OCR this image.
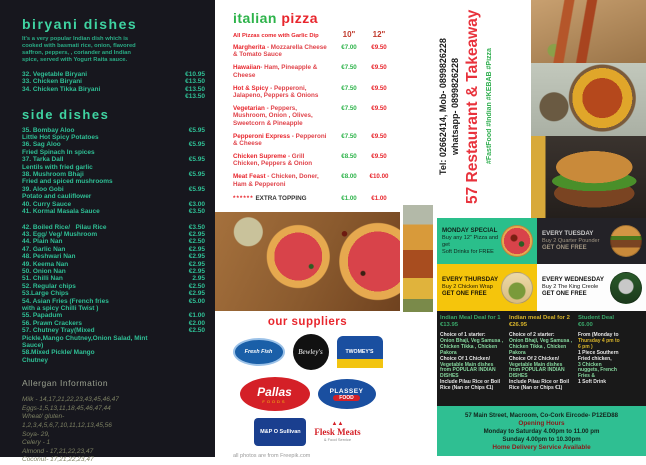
biryani dishes
It's a very popular Indian dish which is cooked with basmati rice, onion, flavored saffron, peppers, , coriander and Indian spice, served with Yogurt Raita sauce.
32. Vegetable Biryani	€10.95
33. Chicken Biryani	€13.50
34. Chicken Tikka Biryani	€13.50
€13.50
side dishes
35. Bombay Aloo	€5.95
Little Hot Spicy Potatoes
36. Sag Aloo	€5.95
Fried Spinach In spices
37. Tarka Dall	€5.95
Lentils with fried garlic
38. Mushroom Bhaji	€5.95
Fried and spiced mushrooms
39. Aloo Gobi	€5.95
Potato and cauliflower
40. Curry Sauce	€3.00
41. Kormal Masala Sauce	€3.50
42. Boiled Rice/   Pilau Rice	€3.50
43. Egg/ Veg/ Mushroom	€2.95
44. Plain Nan	€2.50
47. Garlic Nan	€2.95
48. Peshwari Nan	€2.95
49. Keema Nan	€2.95
50. Onion Nan	€2.95
51. Chilli Nan	2.95
52. Regular chips	€2.50
53.Large Chips	€2.95
54. Asian Fries (French fries	€5.00
with a spicy Chilli Twist )
55. Papadum	€1.00
56. Prawn Crackers	€2.00
57. Chutney Tray(Mixed	€2.50
Pickle,Mango Chutney,Onion Salad, Mint Sauce)
58.Mixed Pickle/ Mango
Chutney
Allergan Information
Milk - 14,17,21,22,23,43,45,46,47
Eggs-1,5,13,11,18,45,46,47,44
Wheat/ gluten-
1,2,3,4,5,6,7,10,11,12,13,45,56
Soya- 29,
Celery - 1
Almond - 17,21,22,23,47
Coconut- 17,21,22,23,47
italian pizza
All Pizzas come with Garlic Dip	10"	12"
Margherita - Mozzarella Cheese & Tomato Sauce
€7.00	€9.50
Hawaiian- Ham, Pineapple & Cheese
€7.50	€9.50
Hot & Spicy - Pepperoni, Jalapeno, Peppers & Onions
€7.50	€9.50
Vegetarian - Peppers, Mushroom, Onion , Olives, Sweetcorn & Pineapple
€7.50	€9.50
Pepperoni Express - Pepperoni & Cheese
€7.50	€9.50
Chicken Supreme - Grill Chicken, Peppers & Onion
€8.50	€9.50
Meat Feast - Chicken, Doner, Ham & Pepperoni
€8.00	€10.00
****** EXTRA TOPPING	€1.00	€1.00
our suppliers
Fresh Fish	Bewley's	TWOMEY'S
Pallas
FOODS
PLASSEY
FOOD
M&P O Sullivan
▲▲
Flesk Meats
& Food Service
all photos are from Freepik.com
Tel: 02662414, Mob- 0899826228 whatsapp- 0899826228 57 Restaurant & Takeaway #FastFood #Indian #KEBAB #Pizza
MONDAY SPECIAL
Buy any 12" Pizza and get
Soft Drinks for FREE
EVERY TUESDAY
Buy 2 Quarter Pounder
GET ONE FREE
EVERY THURSDAY
Buy 2 Chicken Wrap
GET ONE FREE
EVERY WEDNESDAY
Buy 2 The King Creole
GET ONE FREE
Indian Meal Deal for 1
€13.95
Choice of 1 starter:
Onion Bhaji, Veg Samusa ,
Chicken Tikka , Chicken
Pakora
Choice Of 1 Chicken/
Vegetable Main dishes
from POPULAR INDIAN
DISHES
Include Pilau Rice or Boil
Rice (Nan or Chips €1)
Indian meal Deal for 2
€26.95
Choice of 2 starter:
Onion Bhaji, Veg Samusa ,
Chicken Tikka , Chicken
Pakora
Choice Of 2 Chicken/
Vegetable Main dishes
from POPULAR INDIAN
DISHES
Include Pilau Rice or Boil
Rice (Nan or Chips €1)
Student Deal
€6.00
From (Monday to
Thursday 4 pm to
6 pm )
1 Piece Southern
Fried chicken,
3 Chicken
nuggets, French
Fries &
1 Soft Drink
57 Main Street, Macroom, Co-Cork Eircode- P12ED88
Opening Hours
Monday to Saturday 4.00pm to 11.00 pm
Sunday 4.00pm to 10.30pm
Home Delivery Service Available
